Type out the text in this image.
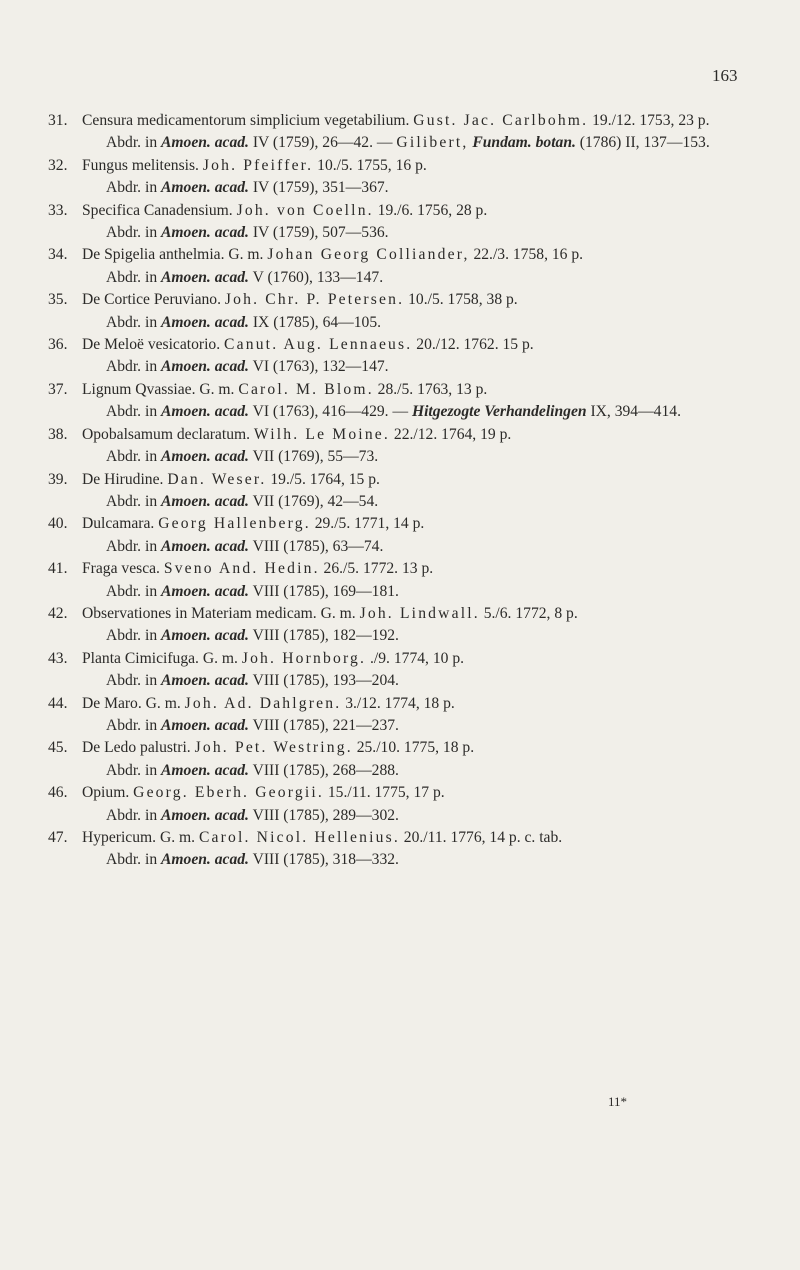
163
31. Censura medicamentorum simplicium vegetabilium. Gust. Jac. Carlbohm. 19./12. 1753, 23 p.
Abdr. in Amoen. acad. IV (1759), 26—42. — Gilibert, Fundam. botan. (1786) II, 137—153.
32. Fungus melitensis. Joh. Pfeiffer. 10./5. 1755, 16 p.
Abdr. in Amoen. acad. IV (1759), 351—367.
33. Specifica Canadensium. Joh. von Coelln. 19./6. 1756, 28 p.
Abdr. in Amoen. acad. IV (1759), 507—536.
34. De Spigelia anthelmia. G. m. Johan Georg Colliander, 22./3. 1758, 16 p.
Abdr. in Amoen. acad. V (1760), 133—147.
35. De Cortice Peruviano. Joh. Chr. P. Petersen. 10./5. 1758, 38 p.
Abdr. in Amoen. acad. IX (1785), 64—105.
36. De Meloë vesicatorio. Canut. Aug. Lennaeus. 20./12. 1762. 15 p.
Abdr. in Amoen. acad. VI (1763), 132—147.
37. Lignum Qvassiae. G. m. Carol. M. Blom. 28./5. 1763, 13 p.
Abdr. in Amoen. acad. VI (1763), 416—429. — Hitgezogte Verhandelingen IX, 394—414.
38. Opobalsamum declaratum. Wilh. Le Moine. 22./12. 1764, 19 p.
Abdr. in Amoen. acad. VII (1769), 55—73.
39. De Hirudine. Dan. Weser. 19./5. 1764, 15 p.
Abdr. in Amoen. acad. VII (1769), 42—54.
40. Dulcamara. Georg Hallenberg. 29./5. 1771, 14 p.
Abdr. in Amoen. acad. VIII (1785), 63—74.
41. Fraga vesca. Sveno And. Hedin. 26./5. 1772. 13 p.
Abdr. in Amoen. acad. VIII (1785), 169—181.
42. Observationes in Materiam medicam. G. m. Joh. Lindwall. 5./6. 1772, 8 p.
Abdr. in Amoen. acad. VIII (1785), 182—192.
43. Planta Cimicifuga. G. m. Joh. Hornborg. ./9. 1774, 10 p.
Abdr. in Amoen. acad. VIII (1785), 193—204.
44. De Maro. G. m. Joh. Ad. Dahlgren. 3./12. 1774, 18 p.
Abdr. in Amoen. acad. VIII (1785), 221—237.
45. De Ledo palustri. Joh. Pet. Westring. 25./10. 1775, 18 p.
Abdr. in Amoen. acad. VIII (1785), 268—288.
46. Opium. Georg. Eberh. Georgii. 15./11. 1775, 17 p.
Abdr. in Amoen. acad. VIII (1785), 289—302.
47. Hypericum. G. m. Carol. Nicol. Hellenius. 20./11. 1776, 14 p. c. tab.
Abdr. in Amoen. acad. VIII (1785), 318—332.
11*
